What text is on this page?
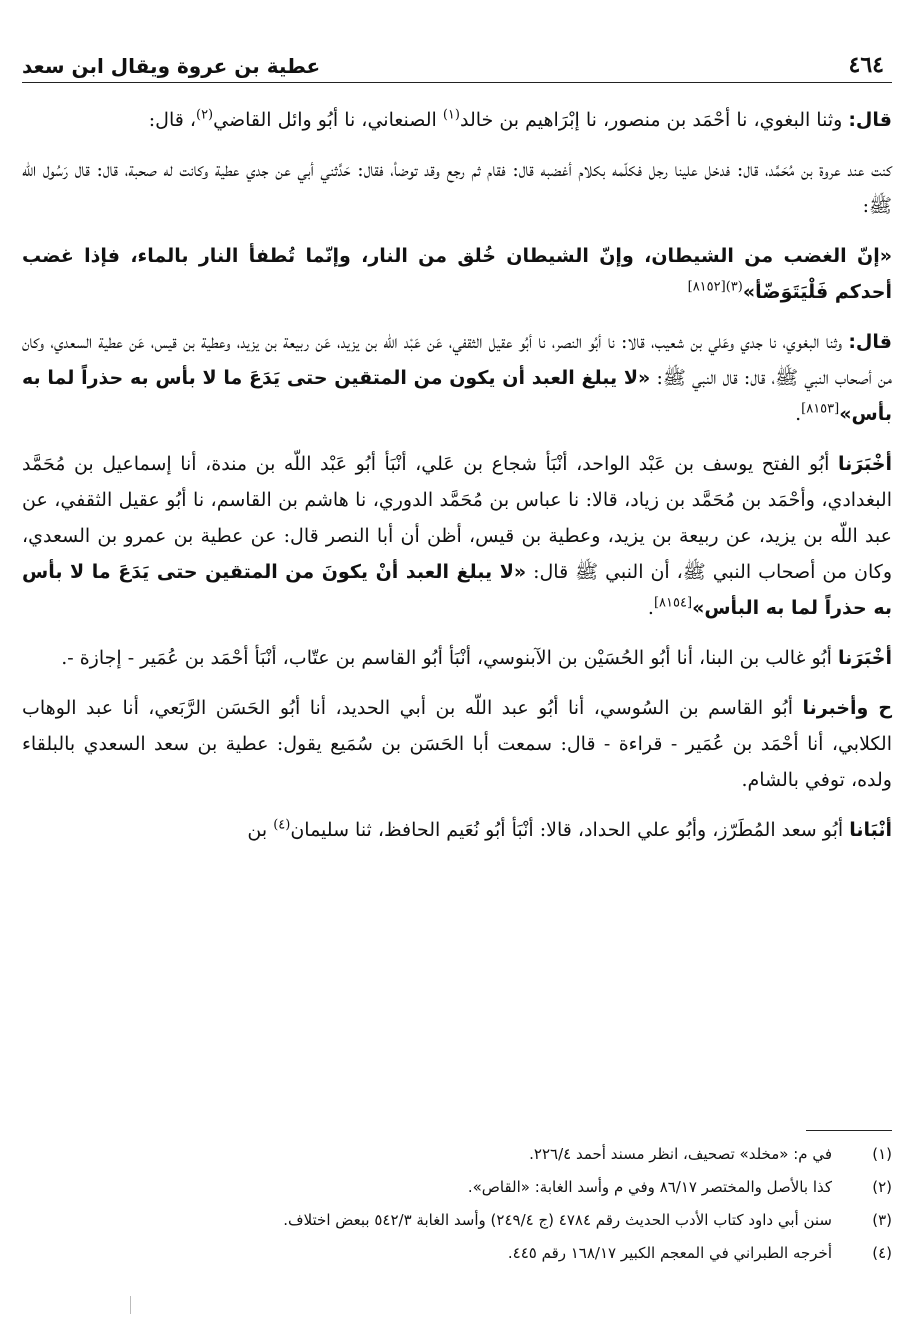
٤٦٤
عطية بن عروة ويقال ابن سعد

قال: وثنا البغوي، نا أحْمَد بن منصور، نا إبْرَاهيم بن خالد$^{(١)}$ الصنعاني، نا أبُو وائل القاضي$^{(٢)}$، قال:

كنت عند عروة بن مُحَمَّد، قال: فدخل علينا رجل فكلّمه بكلام أغضبه قال: فقام ثم رجع وقد توضأ، فقال: حَدَّثني أبي عن جدي عطية وكانت له صحبة، قال: قال رَسُول الله ﷺ:

«إنّ الغضب من الشيطان، وإنّ الشيطان خُلق من النار، وإنّما تُطفأ النار بالماء، فإذا غضب أحدكم فَلْيَتَوَضّأ»$^{(٣)[٨١٥٢]}$

قال: وثنا البغوي، نا جدي وعَلي بن شعيب، قالا: نا أبُو النصر، نا أبُو عقيل الثقفي، عَن عَبْد اللّه بن يزيد، عَن ربيعة بن يزيد، وعطية بن قيس، عَن عطية السعدي، وكان من أصحاب النبي ﷺ، قال: قال النبي ﷺ: «لا يبلغ العبد أن يكون من المتقين حتى يَدَعَ ما لا بأس به حذراً لما به بأس»[٨١٥٣].

أخْبَرَنا أبُو الفتح يوسف بن عَبْد الواحد، أنْبَأ شجاع بن عَلي، أنْبَأ أبُو عَبْد اللّه بن مندة، أنا إسماعيل بن مُحَمَّد البغدادي، وأحْمَد بن مُحَمَّد بن زياد، قالا: نا عباس بن مُحَمَّد الدوري، نا هاشم بن القاسم، نا أبُو عقيل الثقفي، عن عبد اللّه بن يزيد، عن ربيعة بن يزيد، وعطية بن قيس، أظن أن أبا النصر قال: عن عطية بن عمرو بن السعدي، وكان من أصحاب النبي ﷺ، أن النبي ﷺ قال: «لا يبلغ العبد أنْ يكونَ من المتقين حتى يَدَعَ ما لا بأس به حذراً لما به البأس»[٨١٥٤].

أخْبَرَنا أبُو غالب بن البنا، أنا أبُو الحُسَيْن بن الآبنوسي، أنْبَأ أبُو القاسم بن عتّاب، أنْبَأ أحْمَد بن عُمَير - إجازة -.

ح وأخبرنا أبُو القاسم بن السُوسي، أنا أبُو عبد اللّه بن أبي الحديد، أنا أبُو الحَسَن الرَّبَعي، أنا عبد الوهاب الكلابي، أنا أحْمَد بن عُمَير - قراءة - قال: سمعت أبا الحَسَن بن سُمَيع يقول: عطية بن سعد السعدي بالبلقاء ولده، توفي بالشام.

أنْبَانا أبُو سعد المُطَرّز، وأبُو علي الحداد، قالا: أنْبَأ أبُو نُعَيم الحافظ، ثنا سليمان$^{(٤)}$ بن

(١)
في م: «مخلد» تصحيف، انظر مسند أحمد ٢٢٦/٤.
(٢)
كذا بالأصل والمختصر ٨٦/١٧ وفي م وأسد الغابة: «القاص».
(٣)
سنن أبي داود كتاب الأدب الحديث رقم ٤٧٨٤ (ج ٢٤٩/٤) وأسد الغابة ٥٤٢/٣ ببعض اختلاف.
(٤)
أخرجه الطبراني في المعجم الكبير ١٦٨/١٧ رقم ٤٤٥.
